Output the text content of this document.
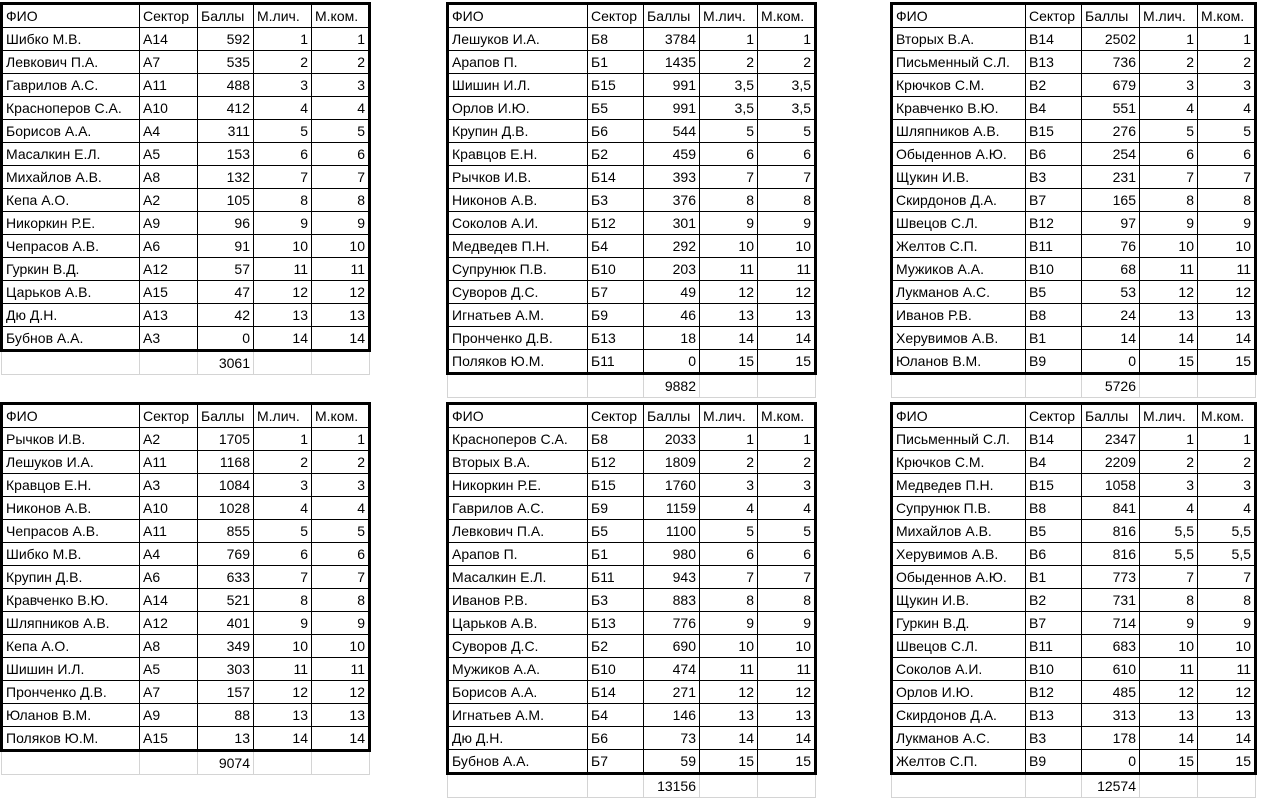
ФИО	Сектор	Баллы	М.лич.	М.ком.
Шибко М.В.	А14	592	1	1
Левкович П.А.	А7	535	2	2
Гаврилов А.С.	А11	488	3	3
Красноперов С.А.	А10	412	4	4
Борисов А.А.	А4	311	5	5
Масалкин Е.Л.	А5	153	6	6
Михайлов А.В.	А8	132	7	7
Кепа А.О.	А2	105	8	8
Никоркин Р.Е.	А9	96	9	9
Чепрасов А.В.	А6	91	10	10
Гуркин В.Д.	А12	57	11	11
Царьков А.В.	А15	47	12	12
Дю Д.Н.	А13	42	13	13
Бубнов А.А.	А3	0	14	14
		3061		
ФИО	Сектор	Баллы	М.лич.	М.ком.
Лешуков И.А.	Б8	3784	1	1
Арапов П.	Б1	1435	2	2
Шишин И.Л.	Б15	991	3,5	3,5
Орлов И.Ю.	Б5	991	3,5	3,5
Крупин Д.В.	Б6	544	5	5
Кравцов Е.Н.	Б2	459	6	6
Рычков И.В.	Б14	393	7	7
Никонов А.В.	Б3	376	8	8
Соколов А.И.	Б12	301	9	9
Медведев П.Н.	Б4	292	10	10
Супрунюк П.В.	Б10	203	11	11
Суворов Д.С.	Б7	49	12	12
Игнатьев А.М.	Б9	46	13	13
Пронченко Д.В.	Б13	18	14	14
Поляков Ю.М.	Б11	0	15	15
		9882		
ФИО	Сектор	Баллы	М.лич.	М.ком.
Вторых В.А.	В14	2502	1	1
Письменный С.Л.	В13	736	2	2
Крючков С.М.	В2	679	3	3
Кравченко В.Ю.	В4	551	4	4
Шляпников А.В.	В15	276	5	5
Обыденнов А.Ю.	В6	254	6	6
Щукин И.В.	В3	231	7	7
Скирдонов Д.А.	В7	165	8	8
Швецов С.Л.	В12	97	9	9
Желтов С.П.	В11	76	10	10
Мужиков А.А.	В10	68	11	11
Лукманов А.С.	В5	53	12	12
Иванов Р.В.	В8	24	13	13
Херувимов А.В.	В1	14	14	14
Юланов В.М.	В9	0	15	15
		5726		
ФИО	Сектор	Баллы	М.лич.	М.ком.
Рычков И.В.	А2	1705	1	1
Лешуков И.А.	А11	1168	2	2
Кравцов Е.Н.	А3	1084	3	3
Никонов А.В.	А10	1028	4	4
Чепрасов А.В.	А11	855	5	5
Шибко М.В.	А4	769	6	6
Крупин Д.В.	А6	633	7	7
Кравченко В.Ю.	А14	521	8	8
Шляпников А.В.	А12	401	9	9
Кепа А.О.	А8	349	10	10
Шишин И.Л.	А5	303	11	11
Пронченко Д.В.	А7	157	12	12
Юланов В.М.	А9	88	13	13
Поляков Ю.М.	А15	13	14	14
		9074		
ФИО	Сектор	Баллы	М.лич.	М.ком.
Красноперов С.А.	Б8	2033	1	1
Вторых В.А.	Б12	1809	2	2
Никоркин Р.Е.	Б15	1760	3	3
Гаврилов А.С.	Б9	1159	4	4
Левкович П.А.	Б5	1100	5	5
Арапов П.	Б1	980	6	6
Масалкин Е.Л.	Б11	943	7	7
Иванов Р.В.	Б3	883	8	8
Царьков А.В.	Б13	776	9	9
Суворов Д.С.	Б2	690	10	10
Мужиков А.А.	Б10	474	11	11
Борисов А.А.	Б14	271	12	12
Игнатьев А.М.	Б4	146	13	13
Дю Д.Н.	Б6	73	14	14
Бубнов А.А.	Б7	59	15	15
		13156		
ФИО	Сектор	Баллы	М.лич.	М.ком.
Письменный С.Л.	В14	2347	1	1
Крючков С.М.	В4	2209	2	2
Медведев П.Н.	В15	1058	3	3
Супрунюк П.В.	В8	841	4	4
Михайлов А.В.	В5	816	5,5	5,5
Херувимов А.В.	В6	816	5,5	5,5
Обыденнов А.Ю.	В1	773	7	7
Щукин И.В.	В2	731	8	8
Гуркин В.Д.	В7	714	9	9
Швецов С.Л.	В11	683	10	10
Соколов А.И.	В10	610	11	11
Орлов И.Ю.	В12	485	12	12
Скирдонов Д.А.	В13	313	13	13
Лукманов А.С.	В3	178	14	14
Желтов С.П.	В9	0	15	15
		12574		
